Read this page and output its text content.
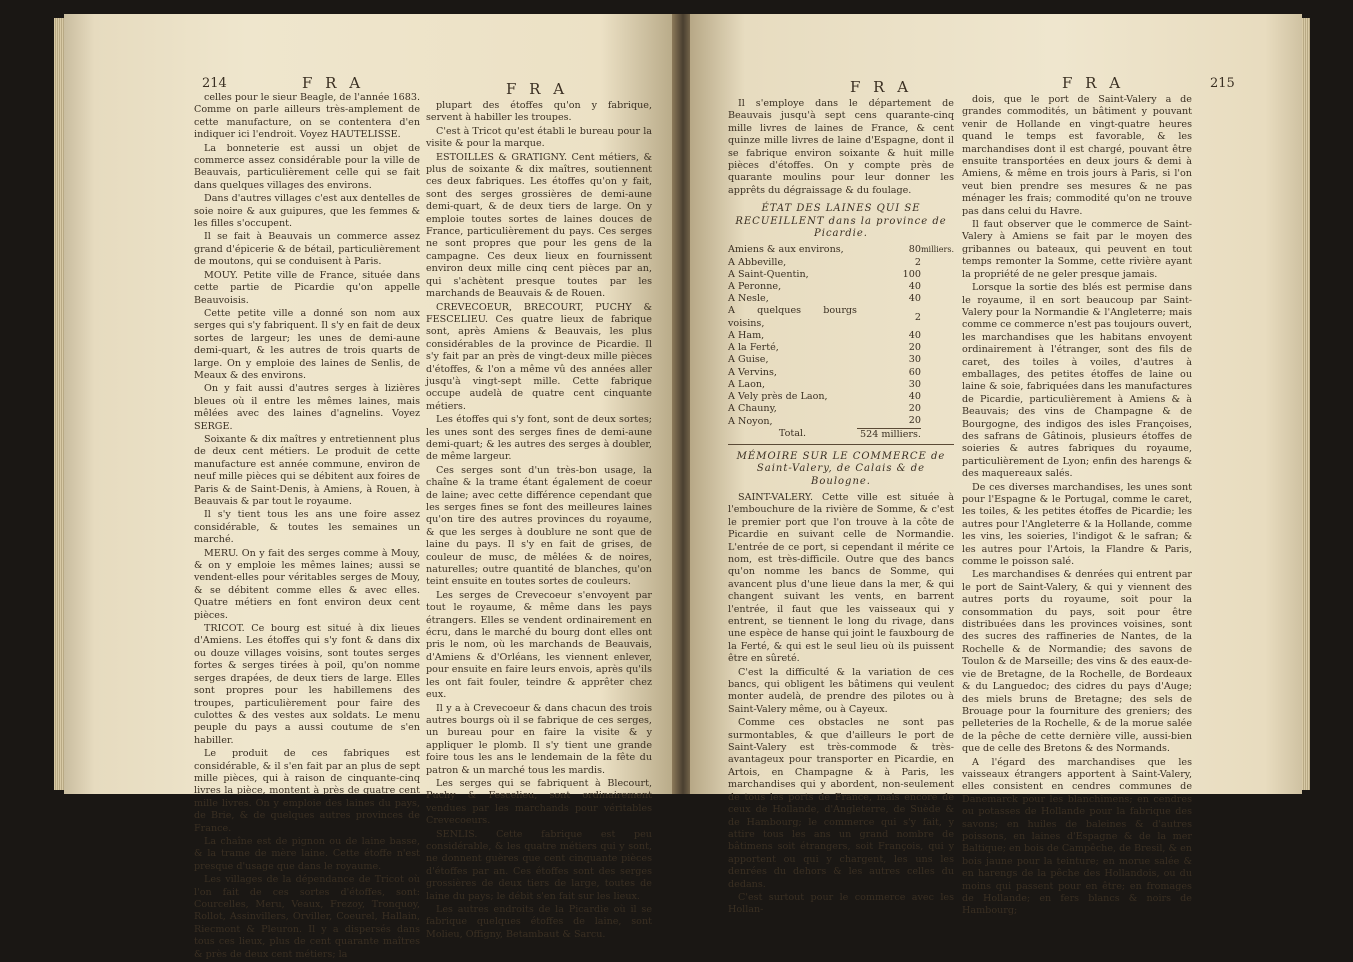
214	F R A	F R A

celles pour le sieur Beagle, de l'année 1683. Comme on parle ailleurs très-amplement de cette manufacture, on se contentera d'en indiquer ici l'endroit. Voyez HAUTELISSE.

La bonneterie est aussi un objet de commerce assez considérable pour la ville de Beauvais, particulièrement celle qui se fait dans quelques villages des environs.

Dans d'autres villages c'est aux dentelles de soie noire & aux guipures, que les femmes & les filles s'occupent.

Il se fait à Beauvais un commerce assez grand d'épicerie & de bétail, particulièrement de moutons, qui se conduisent à Paris.

MOUY. Petite ville de France, située dans cette partie de Picardie qu'on appelle Beauvoisis.

Cette petite ville a donné son nom aux serges qui s'y fabriquent. Il s'y en fait de deux sortes de largeur; les unes de demi-aune demi-quart, & les autres de trois quarts de large. On y emploie des laines de Senlis, de Meaux & des environs.

On y fait aussi d'autres serges à lizières bleues où il entre les mêmes laines, mais mêlées avec des laines d'agnelins. Voyez SERGE.

Soixante & dix maîtres y entretiennent plus de deux cent métiers. Le produit de cette manufacture est année commune, environ de neuf mille pièces qui se débitent aux foires de Paris & de Saint-Denis, à Amiens, à Rouen, à Beauvais & par tout le royaume.

Il s'y tient tous les ans une foire assez considérable, & toutes les semaines un marché.

MERU. On y fait des serges comme à Mouy, & on y emploie les mêmes laines; aussi se vendent-elles pour véritables serges de Mouy, & se débitent comme elles & avec elles. Quatre métiers en font environ deux cent pièces.

TRICOT. Ce bourg est situé à dix lieues d'Amiens. Les étoffes qui s'y font & dans dix ou douze villages voisins, sont toutes serges fortes & serges tirées à poil, qu'on nomme serges drapées, de deux tiers de large. Elles sont propres pour les habillemens des troupes, particulièrement pour faire des culottes & des vestes aux soldats. Le menu peuple du pays a aussi coutume de s'en habiller.

Le produit de ces fabriques est considérable, & il s'en fait par an plus de sept mille pièces, qui à raison de cinquante-cinq livres la pièce, montent à près de quatre cent mille livres. On y emploie des laines du pays, de Brie, & de quelques autres provinces de France.

La chaîne est de pignon ou de laine basse, & la trame de mère laine. Cette étoffe n'est presque d'usage que dans le royaume.

Les villages de la dépendance de Tricot où l'on fait de ces sortes d'étoffes, sont: Courcelles, Meru, Veaux, Frezoy, Tronquoy, Rollot, Assinvillers, Orviller, Coeurel, Hallain, Riecmont & Pleuron. Il y a dispersés dans tous ces lieux, plus de cent quarante maîtres & près de deux cent métiers; la

plupart des étoffes qu'on y fabrique, servent à habiller les troupes.

C'est à Tricot qu'est établi le bureau pour la visite & pour la marque.

ESTOILLES & GRATIGNY. Cent métiers, & plus de soixante & dix maîtres, soutiennent ces deux fabriques. Les étoffes qu'on y fait, sont des serges grossières de demi-aune demi-quart, & de deux tiers de large. On y emploie toutes sortes de laines douces de France, particulièrement du pays. Ces serges ne sont propres que pour les gens de la campagne. Ces deux lieux en fournissent environ deux mille cinq cent pièces par an, qui s'achètent presque toutes par les marchands de Beauvais & de Rouen.

CREVECOEUR, BRECOURT, PUCHY & FESCELIEU. Ces quatre lieux de fabrique sont, après Amiens & Beauvais, les plus considérables de la province de Picardie. Il s'y fait par an près de vingt-deux mille pièces d'étoffes, & l'on a même vû des années aller jusqu'à vingt-sept mille. Cette fabrique occupe audelà de quatre cent cinquante métiers.

Les étoffes qui s'y font, sont de deux sortes; les unes sont des serges fines de demi-aune demi-quart; & les autres des serges à doubler, de même largeur.

Ces serges sont d'un très-bon usage, la chaîne & la trame étant également de coeur de laine; avec cette différence cependant que les serges fines se font des meilleures laines qu'on tire des autres provinces du royaume, & que les serges à doublure ne sont que de laine du pays. Il s'y en fait de grises, de couleur de musc, de mêlées & de noires, naturelles; outre quantité de blanches, qu'on teint ensuite en toutes sortes de couleurs.

Les serges de Crevecoeur s'envoyent par tout le royaume, & même dans les pays étrangers. Elles se vendent ordinairement en écru, dans le marché du bourg dont elles ont pris le nom, où les marchands de Beauvais, d'Amiens & d'Orléans, les viennent enlever, pour ensuite en faire leurs envois, après qu'ils les ont fait fouler, teindre & apprêter chez eux.

Il y a à Crevecoeur & dans chacun des trois autres bourgs où il se fabrique de ces serges, un bureau pour en faire la visite & y appliquer le plomb. Il s'y tient une grande foire tous les ans le lendemain de la fête du patron & un marché tous les mardis.

Les serges qui se fabriquent à Blecourt, Puchy & Fescelieu, sont ordinairement vendues par les marchands pour véritables Crevecoeurs.

SENLIS. Cette fabrique est peu considérable, & les quatre métiers qui y sont, ne donnent guères que cent cinquante pièces d'étoffes par an. Ces étoffes sont des serges grossières de deux tiers de large, toutes de laine du pays; le débit s'en fait sur les lieux.

Les autres endroits de la Picardie où il se fabrique quelques étoffes de laine, sont Molieu, Offigny, Betambaut & Sarcu.

F R A	F R A	215

Il s'employe dans le département de Beauvais jusqu'à sept cens quarante-cinq mille livres de laines de France, & cent quinze mille livres de laine d'Espagne, dont il se fabrique environ soixante & huit mille pièces d'étoffes. On y compte près de quarante moulins pour leur donner les apprêts du dégraissage & du foulage.

ÉTAT DES LAINES QUI SE RECUEILLENT dans la province de Picardie.
Amiens & aux environs,	80	milliers.
A Abbeville,	2	
A Saint-Quentin,	100	
A Peronne,	40	
A Nesle,	40	
A quelques bourgs voisins,	2	
A Ham,	40	
A la Ferté,	20	
A Guise,	30	
A Vervins,	60	
A Laon,	30	
A Vely près de Laon,	40	
A Chauny,	20	
A Noyon,	20	
Total.	524 milliers.	
MÉMOIRE SUR LE COMMERCE de Saint-Valery, de Calais & de Boulogne.

SAINT-VALERY. Cette ville est située à l'embouchure de la rivière de Somme, & c'est le premier port que l'on trouve à la côte de Picardie en suivant celle de Normandie. L'entrée de ce port, si cependant il mérite ce nom, est très-difficile. Outre que des bancs qu'on nomme les bancs de Somme, qui avancent plus d'une lieue dans la mer, & qui changent suivant les vents, en barrent l'entrée, il faut que les vaisseaux qui y entrent, se tiennent le long du rivage, dans une espèce de hanse qui joint le fauxbourg de la Ferté, & qui est le seul lieu où ils puissent être en sûreté.

C'est la difficulté & la variation de ces bancs, qui obligent les bâtimens qui veulent monter audelà, de prendre des pilotes ou à Saint-Valery même, ou à Cayeux.

Comme ces obstacles ne sont pas surmontables, & que d'ailleurs le port de Saint-Valery est très-commode & très-avantageux pour transporter en Picardie, en Artois, en Champagne & à Paris, les marchandises qui y abordent, non-seulement de tous les ports de France, mais encore de ceux de Hollande, d'Angleterre, de Suède & de Hambourg; le commerce qui s'y fait, y attire tous les ans un grand nombre de bâtimens soit étrangers, soit François, qui y apportent ou qui y chargent, les uns les denrées du dehors & les autres celles du dedans.

C'est surtout pour le commerce avec les Hollan-

dois, que le port de Saint-Valery a de grandes commodités, un bâtiment y pouvant venir de Hollande en vingt-quatre heures quand le temps est favorable, & les marchandises dont il est chargé, pouvant être ensuite transportées en deux jours & demi à Amiens, & même en trois jours à Paris, si l'on veut bien prendre ses mesures & ne pas ménager les frais; commodité qu'on ne trouve pas dans celui du Havre.

Il faut observer que le commerce de Saint-Valery à Amiens se fait par le moyen des gribannes ou bateaux, qui peuvent en tout temps remonter la Somme, cette rivière ayant la propriété de ne geler presque jamais.

Lorsque la sortie des blés est permise dans le royaume, il en sort beaucoup par Saint-Valery pour la Normandie & l'Angleterre; mais comme ce commerce n'est pas toujours ouvert, les marchandises que les habitans envoyent ordinairement à l'étranger, sont des fils de caret, des toiles à voiles, d'autres à emballages, des petites étoffes de laine ou laine & soie, fabriquées dans les manufactures de Picardie, particulièrement à Amiens & à Beauvais; des vins de Champagne & de Bourgogne, des indigos des isles Françoises, des safrans de Gâtinois, plusieurs étoffes de soieries & autres fabriques du royaume, particulièrement de Lyon; enfin des harengs & des maquereaux salés.

De ces diverses marchandises, les unes sont pour l'Espagne & le Portugal, comme le caret, les toiles, & les petites étoffes de Picardie; les autres pour l'Angleterre & la Hollande, comme les vins, les soieries, l'indigot & le safran; & les autres pour l'Artois, la Flandre & Paris, comme le poisson salé.

Les marchandises & denrées qui entrent par le port de Saint-Valery, & qui y viennent des autres ports du royaume, soit pour la consommation du pays, soit pour être distribuées dans les provinces voisines, sont des sucres des raffineries de Nantes, de la Rochelle & de Normandie; des savons de Toulon & de Marseille; des vins & des eaux-de-vie de Bretagne, de la Rochelle, de Bordeaux & du Languedoc; des cidres du pays d'Auge; des miels bruns de Bretagne; des sels de Brouage pour la fourniture des greniers; des pelleteries de la Rochelle, & de la morue salée de la pêche de cette dernière ville, aussi-bien que de celle des Bretons & des Normands.

A l'égard des marchandises que les vaisseaux étrangers apportent à Saint-Valery, elles consistent en cendres communes de Danemarck pour les blanchimens; en cendres ou potasses de Hollande pour la fabrique des savons; en huiles de baleines & d'autres poissons, en laines d'Espagne & de la mer Baltique; en bois de Campêche, de Bresil, & en bois jaune pour la teinture; en morue salée & en harengs de la pêche des Hollandois, ou du moins qui passent pour en être; en fromages de Hollande; en fers blancs & noirs de Hambourg;
